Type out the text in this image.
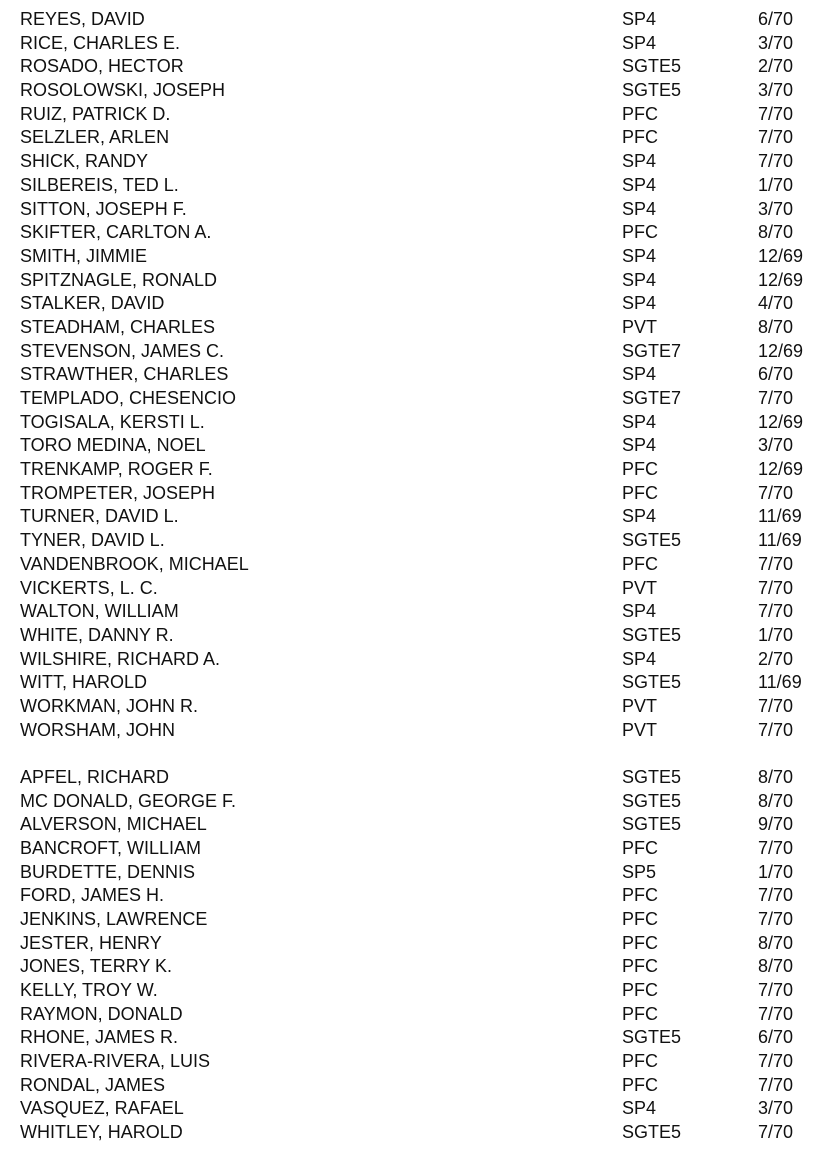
REYES, DAVID	SP4	6/70
RICE, CHARLES E.	SP4	3/70
ROSADO, HECTOR	SGTE5	2/70
ROSOLOWSKI, JOSEPH	SGTE5	3/70
RUIZ, PATRICK D.	PFC	7/70
SELZLER, ARLEN	PFC	7/70
SHICK, RANDY	SP4	7/70
SILBEREIS, TED L.	SP4	1/70
SITTON, JOSEPH F.	SP4	3/70
SKIFTER, CARLTON A.	PFC	8/70
SMITH, JIMMIE	SP4	12/69
SPITZNAGLE, RONALD	SP4	12/69
STALKER, DAVID	SP4	4/70
STEADHAM, CHARLES	PVT	8/70
STEVENSON, JAMES C.	SGTE7	12/69
STRAWTHER, CHARLES	SP4	6/70
TEMPLADO, CHESENCIO	SGTE7	7/70
TOGISALA, KERSTI L.	SP4	12/69
TORO MEDINA, NOEL	SP4	3/70
TRENKAMP, ROGER F.	PFC	12/69
TROMPETER, JOSEPH	PFC	7/70
TURNER, DAVID L.	SP4	11/69
TYNER, DAVID L.	SGTE5	11/69
VANDENBROOK, MICHAEL	PFC	7/70
VICKERTS, L. C.	PVT	7/70
WALTON, WILLIAM	SP4	7/70
WHITE, DANNY R.	SGTE5	1/70
WILSHIRE, RICHARD A.	SP4	2/70
WITT, HAROLD	SGTE5	11/69
WORKMAN, JOHN R.	PVT	7/70
WORSHAM, JOHN	PVT	7/70
APFEL, RICHARD	SGTE5	8/70
MC DONALD, GEORGE F.	SGTE5	8/70
ALVERSON, MICHAEL	SGTE5	9/70
BANCROFT, WILLIAM	PFC	7/70
BURDETTE, DENNIS	SP5	1/70
FORD, JAMES H.	PFC	7/70
JENKINS, LAWRENCE	PFC	7/70
JESTER, HENRY	PFC	8/70
JONES, TERRY K.	PFC	8/70
KELLY, TROY W.	PFC	7/70
RAYMON, DONALD	PFC	7/70
RHONE, JAMES R.	SGTE5	6/70
RIVERA-RIVERA, LUIS	PFC	7/70
RONDAL, JAMES	PFC	7/70
VASQUEZ, RAFAEL	SP4	3/70
WHITLEY, HAROLD	SGTE5	7/70
